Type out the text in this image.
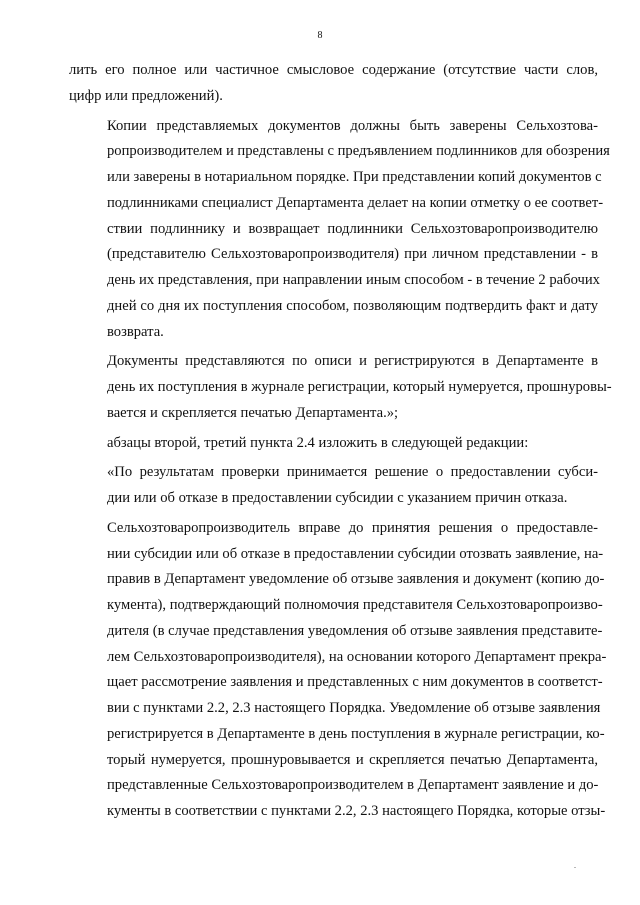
8

лить его полное или частичное смысловое содержание (отсутствие части слов,
цифр или предложений).

Копии представляемых документов должны быть заверены Сельхозтова-
ропроизводителем и представлены с предъявлением подлинников для обозрения
или заверены в нотариальном порядке. При представлении копий документов с
подлинниками специалист Департамента делает на копии отметку о ее соответ-
ствии подлиннику и возвращает подлинники Сельхозтоваропроизводителю
(представителю Сельхозтоваропроизводителя) при личном представлении - в
день их представления, при направлении иным способом - в течение 2 рабочих
дней со дня их поступления способом, позволяющим подтвердить факт и дату
возврата.

Документы представляются по описи и регистрируются в Департаменте в
день их поступления в журнале регистрации, который нумеруется, прошнуровы-
вается и скрепляется печатью Департамента.»;

абзацы второй, третий пункта 2.4 изложить в следующей редакции:

«По результатам проверки принимается решение о предоставлении субси-
дии или об отказе в предоставлении субсидии с указанием причин отказа.

Сельхозтоваропроизводитель вправе до принятия решения о предоставле-
нии субсидии или об отказе в предоставлении субсидии отозвать заявление, на-
правив в Департамент уведомление об отзыве заявления и документ (копию до-
кумента), подтверждающий полномочия представителя Сельхозтоваропроизво-
дителя (в случае представления уведомления об отзыве заявления представите-
лем Сельхозтоваропроизводителя), на основании которого Департамент прекра-
щает рассмотрение заявления и представленных с ним документов в соответст-
вии с пунктами 2.2, 2.3 настоящего Порядка. Уведомление об отзыве заявления
регистрируется в Департаменте в день поступления в журнале регистрации, ко-
торый нумеруется, прошнуровывается и скрепляется печатью Департамента,
представленные Сельхозтоваропроизводителем в Департамент заявление и до-
кументы в соответствии с пунктами 2.2, 2.3 настоящего Порядка, которые отзы-

.
